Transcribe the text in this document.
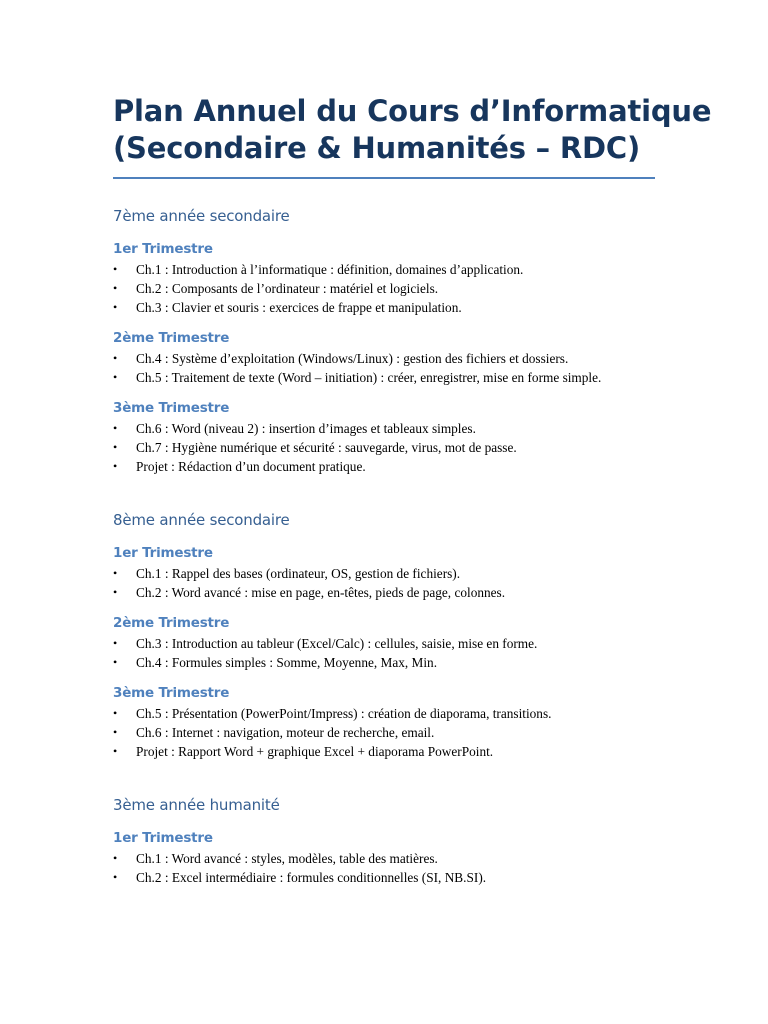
Plan Annuel du Cours d’Informatique
(Secondaire & Humanités – RDC)
7ème année secondaire
1er Trimestre
• Ch.1 : Introduction à l’informatique : définition, domaines d’application.
• Ch.2 : Composants de l’ordinateur : matériel et logiciels.
• Ch.3 : Clavier et souris : exercices de frappe et manipulation.
2ème Trimestre
• Ch.4 : Système d’exploitation (Windows/Linux) : gestion des fichiers et dossiers.
• Ch.5 : Traitement de texte (Word – initiation) : créer, enregistrer, mise en forme simple.
3ème Trimestre
• Ch.6 : Word (niveau 2) : insertion d’images et tableaux simples.
• Ch.7 : Hygiène numérique et sécurité : sauvegarde, virus, mot de passe.
• Projet : Rédaction d’un document pratique.
8ème année secondaire
1er Trimestre
• Ch.1 : Rappel des bases (ordinateur, OS, gestion de fichiers).
• Ch.2 : Word avancé : mise en page, en-têtes, pieds de page, colonnes.
2ème Trimestre
• Ch.3 : Introduction au tableur (Excel/Calc) : cellules, saisie, mise en forme.
• Ch.4 : Formules simples : Somme, Moyenne, Max, Min.
3ème Trimestre
• Ch.5 : Présentation (PowerPoint/Impress) : création de diaporama, transitions.
• Ch.6 : Internet : navigation, moteur de recherche, email.
• Projet : Rapport Word + graphique Excel + diaporama PowerPoint.
3ème année humanité
1er Trimestre
• Ch.1 : Word avancé : styles, modèles, table des matières.
• Ch.2 : Excel intermédiaire : formules conditionnelles (SI, NB.SI).
